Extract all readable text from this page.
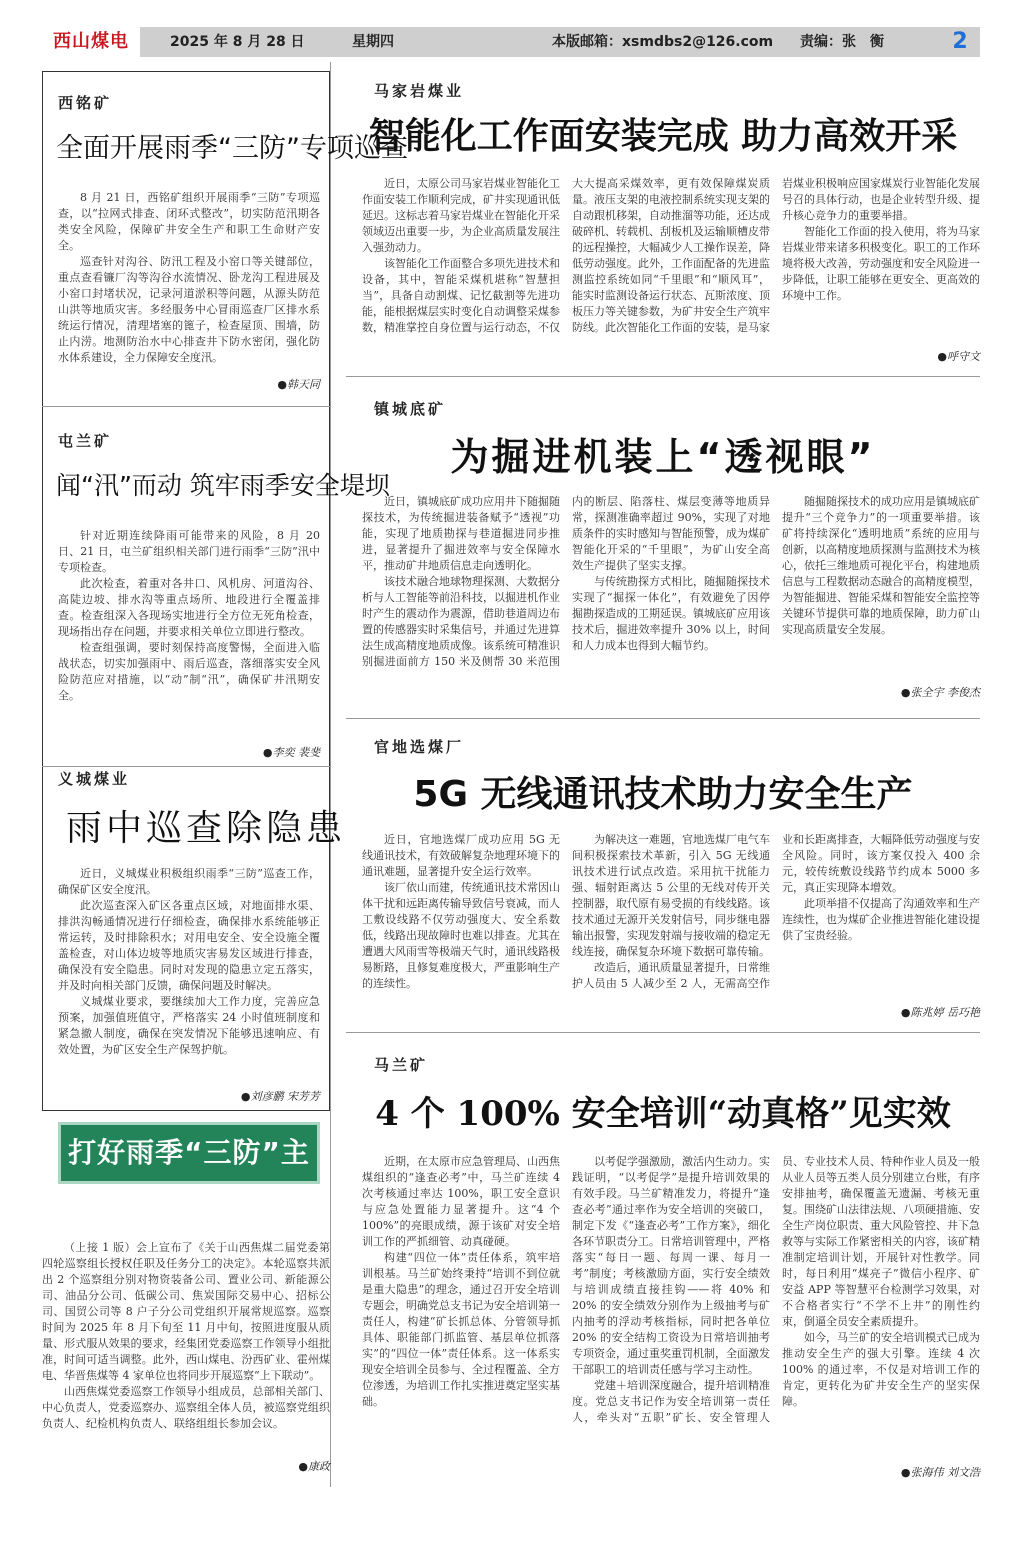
西山煤电	2025 年 8 月 28 日	星期四	本版邮箱：xsmdbs2@126.com 责编：张　衡	2
西铭矿
全面开展雨季“三防”专项巡查

8 月 21 日，西铭矿组织开展雨季“三防”专项巡查，以“拉网式排查、闭环式整改”，切实防范汛期各类安全风险，保障矿井安全生产和职工生命财产安全。

巡查针对沟谷、防汛工程及小窑口等关键部位，重点查看镰厂沟等沟谷水流情况、卧龙沟工程进展及小窑口封堵状况，记录河道淤积等问题，从源头防范山洪等地质灾害。多经服务中心冒雨巡查厂区排水系统运行情况，清理堵塞的篦子，检查屋顶、围墙，防止内涝。地测防治水中心排查井下防水密闭，强化防水体系建设，全力保障安全度汛。

●韩天同
屯兰矿
闻“汛”而动 筑牢雨季安全堤坝

针对近期连续降雨可能带来的风险，8 月 20 日、21 日，屯兰矿组织相关部门进行雨季“三防”汛中专项检查。

此次检查，着重对各井口、风机房、河道沟谷、高陡边坡、排水沟等重点场所、地段进行全覆盖排查。检查组深入各现场实地进行全方位无死角检查，现场指出存在问题，并要求相关单位立即进行整改。

检查组强调，要时刻保持高度警惕，全面进入临战状态，切实加强雨中、雨后巡查，落细落实安全风险防范应对措施，以“动”制“汛”，确保矿井汛期安全。

●李奕 裴斐
义城煤业
雨中巡查除隐患

近日，义城煤业积极组织雨季“三防”巡查工作，确保矿区安全度汛。

此次巡查深入矿区各重点区域，对地面排水渠、排洪沟畅通情况进行仔细检查，确保排水系统能够正常运转，及时排除积水；对用电安全、安全设施全覆盖检查，对山体边坡等地质灾害易发区域进行排查，确保没有安全隐患。同时对发现的隐患立定五落实，并及时向相关部门反馈，确保问题及时解决。

义城煤业要求，要继续加大工作力度，完善应急预案，加强值班值守，严格落实 24 小时值班制度和紧急撤人制度，确保在突发情况下能够迅速响应、有效处置，为矿区安全生产保驾护航。

●刘彦鹏 宋芳芳
打好雨季“三防”主动仗

（上接 1 版）会上宣布了《关于山西焦煤二届党委第四轮巡察组长授权任职及任务分工的决定》。本轮巡察共派出 2 个巡察组分别对物资装备公司、置业公司、新能源公司、油品分公司、低碳公司、焦炭国际交易中心、招标公司、国贸公司等 8 户子分公司党组织开展常规巡察。巡察时间为 2025 年 8 月下旬至 11 月中旬，按照进度服从质量、形式服从效果的要求，经集团党委巡察工作领导小组批准，时间可适当调整。此外，西山煤电、汾西矿业、霍州煤电、华晋焦煤等 4 家单位也将同步开展巡察“上下联动”。

山西焦煤党委巡察工作领导小组成员，总部相关部门、中心负责人，党委巡察办、巡察组全体人员，被巡察党组织负责人、纪检机构负责人、联络组组长参加会议。

●康政
马家岩煤业
智能化工作面安装完成 助力高效开采

近日，太原公司马家岩煤业智能化工作面安装工作顺利完成，矿井实现通讯低延迟。这标志着马家岩煤业在智能化开采领域迈出重要一步，为企业高质量发展注入强劲动力。

该智能化工作面整合多项先进技术和设备，其中，智能采煤机堪称“智慧担当”，具备自动割煤、记忆截割等先进功能，能根据煤层实时变化自动调整采煤参数，精准掌控自身位置与运行动态，不仅大大提高采煤效率，更有效保障煤炭质量。液压支架的电液控制系统实现支架的自动跟机移架，自动推溜等功能，还达成破碎机、转载机、刮板机及运输顺槽皮带的远程操控，大幅减少人工操作误差，降低劳动强度。此外，工作面配备的先进监测监控系统如同“千里眼”和“顺风耳”，能实时监测设备运行状态、瓦斯浓度、顶板压力等关键参数，为矿井安全生产筑牢防线。此次智能化工作面的安装，是马家岩煤业积极响应国家煤炭行业智能化发展号召的具体行动，也是企业转型升级、提升核心竞争力的重要举措。

智能化工作面的投入使用，将为马家岩煤业带来诸多积极变化。职工的工作环境将极大改善，劳动强度和安全风险进一步降低，让职工能够在更安全、更高效的环境中工作。

●呼守文
镇城底矿
为掘进机装上“透视眼”

近日，镇城底矿成功应用井下随掘随探技术，为传统掘进装备赋予“透视”功能，实现了地质勘探与巷道掘进同步推进，显著提升了掘进效率与安全保障水平，推动矿井地质信息走向透明化。

该技术融合地球物理探测、大数据分析与人工智能等前沿科技，以掘进机作业时产生的震动作为震源，借助巷道周边布置的传感器实时采集信号，并通过先进算法生成高精度地质成像。该系统可精准识别掘进面前方 150 米及侧帮 30 米范围内的断层、陷落柱、煤层变薄等地质异常，探测准确率超过 90%，实现了对地质条件的实时感知与智能预警，成为煤矿智能化开采的“千里眼”，为矿山安全高效生产提供了坚实支撑。

与传统勘探方式相比，随掘随探技术实现了“掘探一体化”，有效避免了因停掘勘探造成的工期延误。镇城底矿应用该技术后，掘进效率提升 30% 以上，时间和人力成本也得到大幅节约。

随掘随探技术的成功应用是镇城底矿提升“三个竞争力”的一项重要举措。该矿将持续深化“透明地质”系统的应用与创新，以高精度地质探测与监测技术为核心，依托三维地质可视化平台，构建地质信息与工程数据动态融合的高精度模型，为智能掘进、智能采煤和智能安全监控等关键环节提供可靠的地质保障，助力矿山实现高质量安全发展。

●张全宇 李俊杰
官地选煤厂
5G 无线通讯技术助力安全生产

近日，官地选煤厂成功应用 5G 无线通讯技术，有效破解复杂地理环境下的通讯难题，显著提升安全运行效率。

该厂依山而建，传统通讯技术常因山体干扰和远距离传输导致信号衰减，而人工敷设线路不仅劳动强度大、安全系数低，线路出现故障时也难以排查。尤其在遭遇大风雨雪等极端天气时，通讯线路极易断路，且修复难度极大，严重影响生产的连续性。

为解决这一难题，官地选煤厂电气车间积极探索技术革新，引入 5G 无线通讯技术进行试点改造。采用抗干扰能力强、辐射距离达 5 公里的无线对传开关控制器，取代原有易受损的有线线路。该技术通过无源开关发射信号，同步继电器输出报警，实现发射端与接收端的稳定无线连接，确保复杂环境下数据可靠传输。

改造后，通讯质量显著提升，日常维护人员由 5 人减少至 2 人，无需高空作业和长距离排查，大幅降低劳动强度与安全风险。同时，该方案仅投入 400 余元，较传统敷设线路节约成本 5000 多元，真正实现降本增效。

此项举措不仅提高了沟通效率和生产连续性，也为煤矿企业推进智能化建设提供了宝贵经验。

●陈兆婷 岳巧艳
马兰矿
4 个 100% 安全培训“动真格”见实效

近期，在太原市应急管理局、山西焦煤组织的“逢查必考”中，马兰矿连续 4 次考核通过率达 100%，职工安全意识与应急处置能力显著提升。这“4 个 100%”的亮眼成绩，源于该矿对安全培训工作的严抓细管、动真碰硬。

构建“四位一体”责任体系，筑牢培训根基。马兰矿始终秉持“培训不到位就是重大隐患”的理念，通过召开安全培训专题会，明确党总支书记为安全培训第一责任人，构建“矿长抓总体、分管领导抓具体、职能部门抓监管、基层单位抓落实”的“四位一体”责任体系。这一体系实现安全培训全员参与、全过程覆盖、全方位渗透，为培训工作扎实推进奠定坚实基础。

以考促学强激励，激活内生动力。实践证明，“以考促学”是提升培训效果的有效手段。马兰矿精准发力，将提升“逢查必考”通过率作为安全培训的突破口，制定下发《“逢查必考”工作方案》，细化各环节职责分工。日常培训管理中，严格落实“每日一题、每周一课、每月一考”制度；考核激励方面，实行安全绩效与培训成绩直接挂钩——将 40% 和 20% 的安全绩效分别作为上级抽考与矿内抽考的浮动考核指标，同时把各单位 20% 的安全结构工资设为日常培训抽考专项资金，通过重奖重罚机制，全面激发干部职工的培训责任感与学习主动性。

党建＋培训深度融合，提升培训精准度。党总支书记作为安全培训第一责任人，牵头对“五职”矿长、安全管理人员、专业技术人员、特种作业人员及一般从业人员等五类人员分别建立台账，有序安排抽考，确保覆盖无遗漏、考核无重复。围绕矿山法律法规、八项硬措施、安全生产岗位职责、重大风险管控、井下急救等与实际工作紧密相关的内容，该矿精准制定培训计划，开展针对性教学。同时，每日利用“煤亮子”微信小程序、矿安益 APP 等智慧平台检测学习效果，对不合格者实行“不学不上井”的刚性约束，倒逼全员安全素质提升。

如今，马兰矿的安全培训模式已成为推动安全生产的强大引擎。连续 4 次 100% 的通过率，不仅是对培训工作的肯定，更转化为矿井安全生产的坚实保障。

●张海伟 刘文浩
